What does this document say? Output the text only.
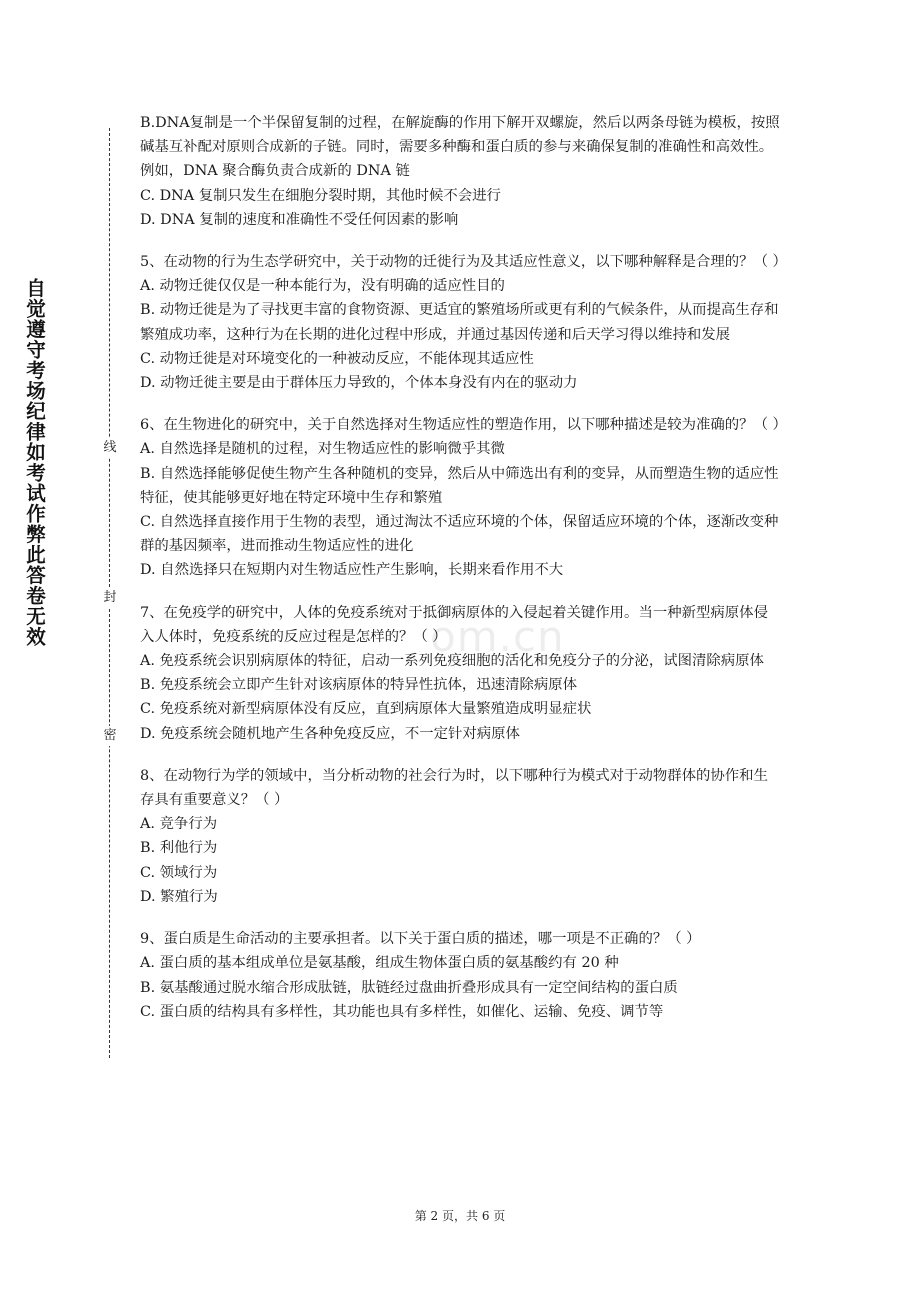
自觉遵守考场纪律如考试作弊此答卷无效	线
封
密
om.cn

B.DNA复制是一个半保留复制的过程，在解旋酶的作用下解开双螺旋，然后以两条母链为模板，按照碱基互补配对原则合成新的子链。同时，需要多种酶和蛋白质的参与来确保复制的准确性和高效性。例如，DNA 聚合酶负责合成新的 DNA 链

C. DNA 复制只发生在细胞分裂时期，其他时候不会进行

D. DNA 复制的速度和准确性不受任何因素的影响

5、在动物的行为生态学研究中，关于动物的迁徙行为及其适应性意义，以下哪种解释是合理的？（ ）

A. 动物迁徙仅仅是一种本能行为，没有明确的适应性目的

B. 动物迁徙是为了寻找更丰富的食物资源、更适宜的繁殖场所或更有利的气候条件，从而提高生存和繁殖成功率，这种行为在长期的进化过程中形成，并通过基因传递和后天学习得以维持和发展

C. 动物迁徙是对环境变化的一种被动反应，不能体现其适应性

D. 动物迁徙主要是由于群体压力导致的，个体本身没有内在的驱动力

6、在生物进化的研究中，关于自然选择对生物适应性的塑造作用，以下哪种描述是较为准确的？（ ）

A. 自然选择是随机的过程，对生物适应性的影响微乎其微

B. 自然选择能够促使生物产生各种随机的变异，然后从中筛选出有利的变异，从而塑造生物的适应性特征，使其能够更好地在特定环境中生存和繁殖

C. 自然选择直接作用于生物的表型，通过淘汰不适应环境的个体，保留适应环境的个体，逐渐改变种群的基因频率，进而推动生物适应性的进化

D. 自然选择只在短期内对生物适应性产生影响，长期来看作用不大

7、在免疫学的研究中，人体的免疫系统对于抵御病原体的入侵起着关键作用。当一种新型病原体侵入人体时，免疫系统的反应过程是怎样的？（ ）

A. 免疫系统会识别病原体的特征，启动一系列免疫细胞的活化和免疫分子的分泌，试图清除病原体

B. 免疫系统会立即产生针对该病原体的特异性抗体，迅速清除病原体

C. 免疫系统对新型病原体没有反应，直到病原体大量繁殖造成明显症状

D. 免疫系统会随机地产生各种免疫反应，不一定针对病原体

8、在动物行为学的领域中，当分析动物的社会行为时，以下哪种行为模式对于动物群体的协作和生存具有重要意义？（ ）

A. 竞争行为

B. 利他行为

C. 领域行为

D. 繁殖行为

9、蛋白质是生命活动的主要承担者。以下关于蛋白质的描述，哪一项是不正确的？（ ）

A. 蛋白质的基本组成单位是氨基酸，组成生物体蛋白质的氨基酸约有 20 种

B. 氨基酸通过脱水缩合形成肽链，肽链经过盘曲折叠形成具有一定空间结构的蛋白质

C. 蛋白质的结构具有多样性，其功能也具有多样性，如催化、运输、免疫、调节等

第 2 页，共 6 页
